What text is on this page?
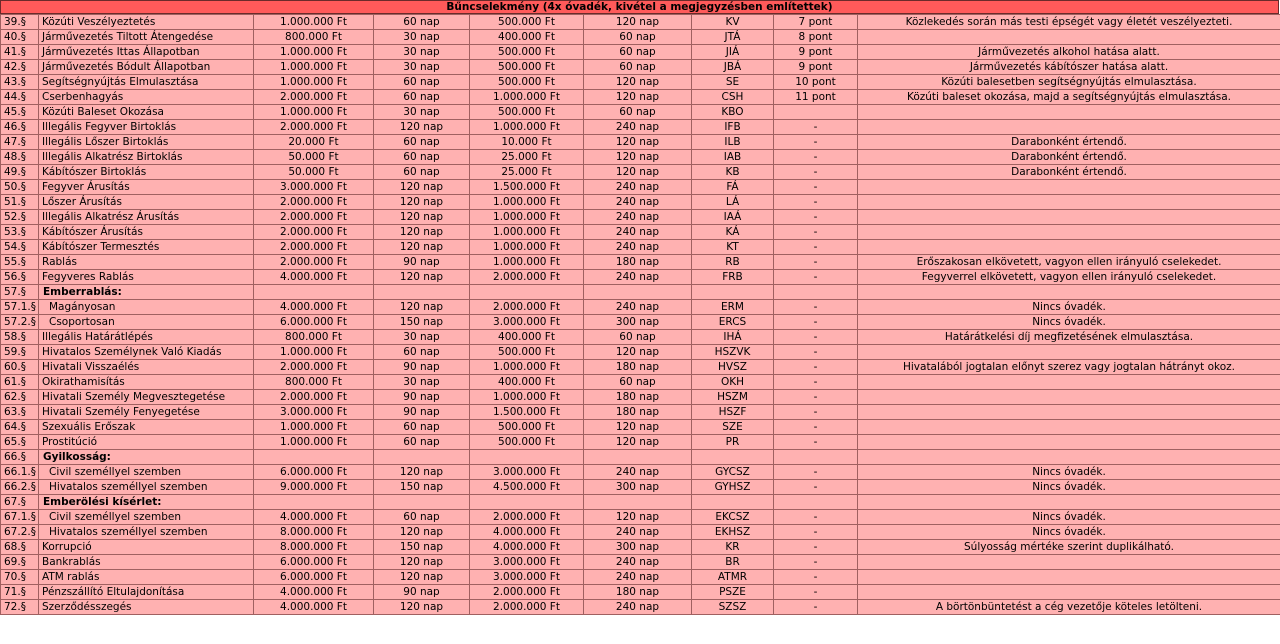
Bűncselekmény (4x óvadék, kivétel a megjegyzésben említettek)
39.§	Közúti Veszélyeztetés	1.000.000 Ft	60 nap	500.000 Ft	120 nap	KV	7 pont	Közlekedés során más testi épségét vagy életét veszélyezteti.
40.§	Járművezetés Tiltott Átengedése	800.000 Ft	30 nap	400.000 Ft	60 nap	JTÁ	8 pont	
41.§	Járművezetés Ittas Állapotban	1.000.000 Ft	30 nap	500.000 Ft	60 nap	JIÁ	9 pont	Járművezetés alkohol hatása alatt.
42.§	Járművezetés Bódult Állapotban	1.000.000 Ft	30 nap	500.000 Ft	60 nap	JBÁ	9 pont	Járművezetés kábítószer hatása alatt.
43.§	Segítségnyújtás Elmulasztása	1.000.000 Ft	60 nap	500.000 Ft	120 nap	SE	10 pont	Közúti balesetben segítségnyújtás elmulasztása.
44.§	Cserbenhagyás	2.000.000 Ft	60 nap	1.000.000 Ft	120 nap	CSH	11 pont	Közúti baleset okozása, majd a segítségnyújtás elmulasztása.
45.§	Közúti Baleset Okozása	1.000.000 Ft	30 nap	500.000 Ft	60 nap	KBO		
46.§	Illegális Fegyver Birtoklás	2.000.000 Ft	120 nap	1.000.000 Ft	240 nap	IFB	-	
47.§	Illegális Lőszer Birtoklás	20.000 Ft	60 nap	10.000 Ft	120 nap	ILB	-	Darabonként értendő.
48.§	Illegális Alkatrész Birtoklás	50.000 Ft	60 nap	25.000 Ft	120 nap	IAB	-	Darabonként értendő.
49.§	Kábítószer Birtoklás	50.000 Ft	60 nap	25.000 Ft	120 nap	KB	-	Darabonként értendő.
50.§	Fegyver Árusítás	3.000.000 Ft	120 nap	1.500.000 Ft	240 nap	FÁ	-	
51.§	Lőszer Árusítás	2.000.000 Ft	120 nap	1.000.000 Ft	240 nap	LÁ	-	
52.§	Illegális Alkatrész Árusítás	2.000.000 Ft	120 nap	1.000.000 Ft	240 nap	IAÁ	-	
53.§	Kábítószer Árusítás	2.000.000 Ft	120 nap	1.000.000 Ft	240 nap	KÁ	-	
54.§	Kábítószer Termesztés	2.000.000 Ft	120 nap	1.000.000 Ft	240 nap	KT	-	
55.§	Rablás	2.000.000 Ft	90 nap	1.000.000 Ft	180 nap	RB	-	Erőszakosan elkövetett, vagyon ellen irányuló cselekedet.
56.§	Fegyveres Rablás	4.000.000 Ft	120 nap	2.000.000 Ft	240 nap	FRB	-	Fegyverrel elkövetett, vagyon ellen irányuló cselekedet.
57.§	Emberrablás:							
57.1.§	Magányosan	4.000.000 Ft	120 nap	2.000.000 Ft	240 nap	ERM	-	Nincs óvadék.
57.2.§	Csoportosan	6.000.000 Ft	150 nap	3.000.000 Ft	300 nap	ERCS	-	Nincs óvadék.
58.§	Illegális Határátlépés	800.000 Ft	30 nap	400.000 Ft	60 nap	IHÁ	-	Határátkelési díj megfizetésének elmulasztása.
59.§	Hivatalos Személynek Való Kiadás	1.000.000 Ft	60 nap	500.000 Ft	120 nap	HSZVK	-	
60.§	Hivatali Visszaélés	2.000.000 Ft	90 nap	1.000.000 Ft	180 nap	HVSZ	-	Hivatalából jogtalan előnyt szerez vagy jogtalan hátrányt okoz.
61.§	Okirathamisítás	800.000 Ft	30 nap	400.000 Ft	60 nap	OKH	-	
62.§	Hivatali Személy Megvesztegetése	2.000.000 Ft	90 nap	1.000.000 Ft	180 nap	HSZM	-	
63.§	Hivatali Személy Fenyegetése	3.000.000 Ft	90 nap	1.500.000 Ft	180 nap	HSZF	-	
64.§	Szexuális Erőszak	1.000.000 Ft	60 nap	500.000 Ft	120 nap	SZE	-	
65.§	Prostitúció	1.000.000 Ft	60 nap	500.000 Ft	120 nap	PR	-	
66.§	Gyilkosság:							
66.1.§	Civil személlyel szemben	6.000.000 Ft	120 nap	3.000.000 Ft	240 nap	GYCSZ	-	Nincs óvadék.
66.2.§	Hivatalos személlyel szemben	9.000.000 Ft	150 nap	4.500.000 Ft	300 nap	GYHSZ	-	Nincs óvadék.
67.§	Emberölési kísérlet:							
67.1.§	Civil személlyel szemben	4.000.000 Ft	60 nap	2.000.000 Ft	120 nap	EKCSZ	-	Nincs óvadék.
67.2.§	Hivatalos személlyel szemben	8.000.000 Ft	120 nap	4.000.000 Ft	240 nap	EKHSZ	-	Nincs óvadék.
68.§	Korrupció	8.000.000 Ft	150 nap	4.000.000 Ft	300 nap	KR	-	Súlyosság mértéke szerint duplikálható.
69.§	Bankrablás	6.000.000 Ft	120 nap	3.000.000 Ft	240 nap	BR	-	
70.§	ATM rablás	6.000.000 Ft	120 nap	3.000.000 Ft	240 nap	ATMR	-	
71.§	Pénzszállító Eltulajdonítása	4.000.000 Ft	90 nap	2.000.000 Ft	180 nap	PSZE	-	
72.§	Szerződésszegés	4.000.000 Ft	120 nap	2.000.000 Ft	240 nap	SZSZ	-	A börtönbüntetést a cég vezetője köteles letölteni.
